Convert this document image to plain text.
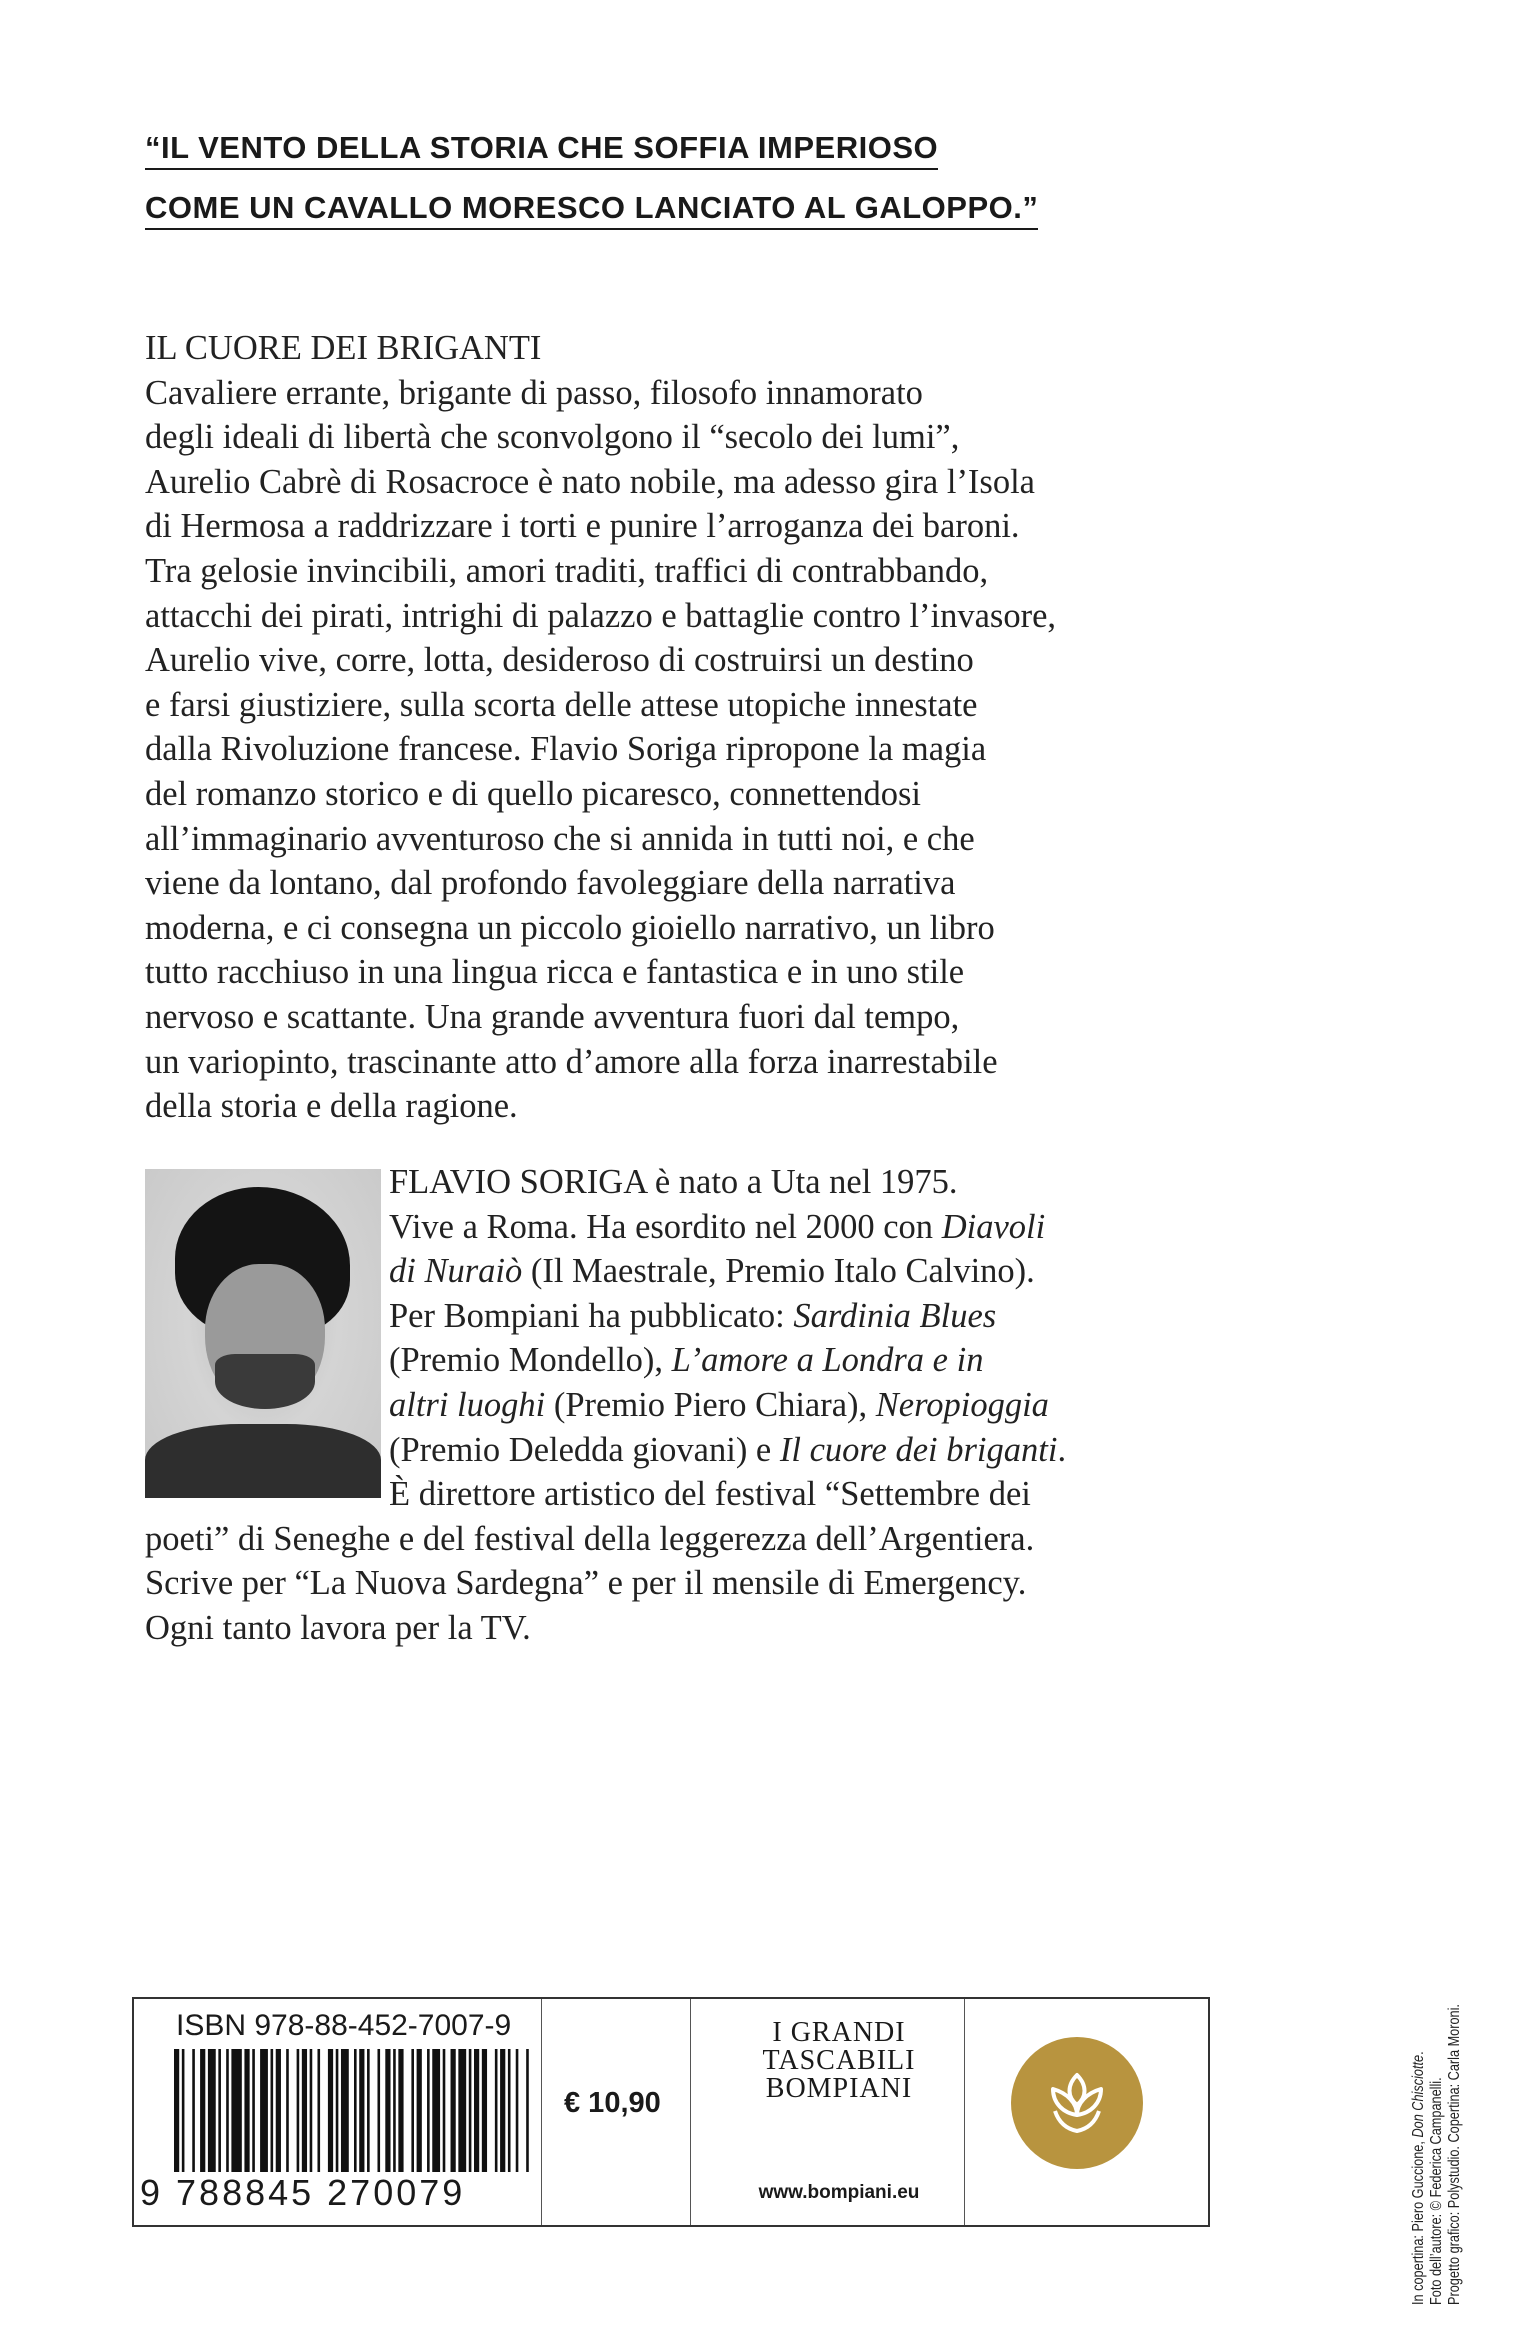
“IL VENTO DELLA STORIA CHE SOFFIA IMPERIOSO
COME UN CAVALLO MORESCO LANCIATO AL GALOPPO.”

IL CUORE DEI BRIGANTI

Cavaliere errante, brigante di passo, filosofo innamorato

degli ideali di libertà che sconvolgono il “secolo dei lumi”,

Aurelio Cabrè di Rosacroce è nato nobile, ma adesso gira l’Isola

di Hermosa a raddrizzare i torti e punire l’arroganza dei baroni.

Tra gelosie invincibili, amori traditi, traffici di contrabbando,

attacchi dei pirati, intrighi di palazzo e battaglie contro l’invasore,

Aurelio vive, corre, lotta, desideroso di costruirsi un destino

e farsi giustiziere, sulla scorta delle attese utopiche innestate

dalla Rivoluzione francese. Flavio Soriga ripropone la magia

del romanzo storico e di quello picaresco, connettendosi

all’immaginario avventuroso che si annida in tutti noi, e che

viene da lontano, dal profondo favoleggiare della narrativa

moderna, e ci consegna un piccolo gioiello narrativo, un libro

tutto racchiuso in una lingua ricca e fantastica e in uno stile

nervoso e scattante. Una grande avventura fuori dal tempo,

un variopinto, trascinante atto d’amore alla forza inarrestabile

della storia e della ragione.

FLAVIO SORIGA è nato a Uta nel 1975.

Vive a Roma. Ha esordito nel 2000 con Diavoli

di Nuraiò (Il Maestrale, Premio Italo Calvino).

Per Bompiani ha pubblicato: Sardinia Blues

(Premio Mondello), L’amore a Londra e in

altri luoghi (Premio Piero Chiara), Neropioggia

(Premio Deledda giovani) e Il cuore dei briganti.

È direttore artistico del festival “Settembre dei

poeti” di Seneghe e del festival della leggerezza dell’Argentiera.

Scrive per “La Nuova Sardegna” e per il mensile di Emergency.

Ogni tanto lavora per la TV.

In copertina: Piero Guccione, Don Chisciotte.
Foto dell’autore: © Federica Campanelli. Progetto grafico: Polystudio. Copertina: Carla Moroni.
ISBN 978-88-452-7007-9
9 788845 270079
€ 10,90
I GRANDI
TASCABILI
BOMPIANI
www.bompiani.eu
